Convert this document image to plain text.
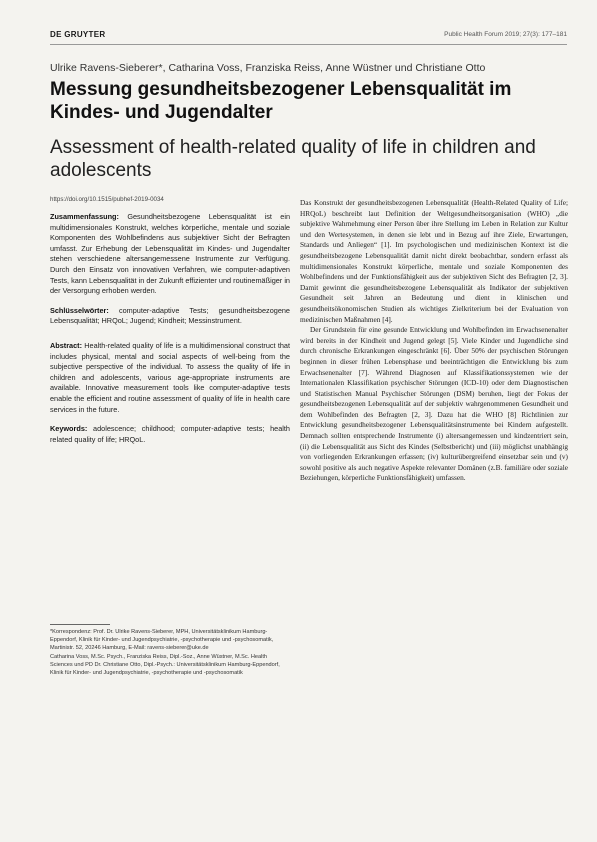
DE GRUYTER	Public Health Forum 2019; 27(3): 177–181
Ulrike Ravens-Sieberer*, Catharina Voss, Franziska Reiss, Anne Wüstner und Christiane Otto
Messung gesundheitsbezogener Lebensqualität im Kindes- und Jugendalter
Assessment of health-related quality of life in children and adolescents
https://doi.org/10.1515/pubhef-2019-0034

Zusammenfassung: Gesundheitsbezogene Lebensqualität ist ein multidimensionales Konstrukt, welches körperliche, mentale und soziale Komponenten des Wohlbefindens aus subjektiver Sicht der Befragten umfasst. Zur Erhebung der Lebensqualität im Kindes- und Jugendalter stehen verschiedene altersangemessene Instrumente zur Verfügung. Durch den Einsatz von innovativen Verfahren, wie computer-adaptiven Tests, kann Lebensqualität in der Zukunft effizienter und routinemäßiger in der Versorgung erhoben werden.

Schlüsselwörter: computer-adaptive Tests; gesundheitsbezogene Lebensqualität; HRQoL; Jugend; Kindheit; Messinstrument.

Abstract: Health-related quality of life is a multidimensional construct that includes physical, mental and social aspects of well-being from the subjective perspective of the individual. To assess the quality of life in children and adolescents, various age-appropriate instruments are available. Innovative measurement tools like computer-adaptive tests enable the efficient and routine assessment of quality of life in health care services in the future.

Keywords: adolescence; childhood; computer-adaptive tests; health related quality of life; HRQoL.

*Korrespondenz: Prof. Dr. Ulrike Ravens-Sieberer, MPH, Universitätsklinikum Hamburg-Eppendorf, Klinik für Kinder- und Jugendpsychiatrie, -psychotherapie und -psychosomatik, Martinistr. 52, 20246 Hamburg, E-Mail: ravens-sieberer@uke.de

Catharina Voss, M.Sc. Psych., Franziska Reiss, Dipl.-Soz., Anne Wüstner, M.Sc. Health Sciences und PD Dr. Christiane Otto, Dipl.-Psych.: Universitätsklinikum Hamburg-Eppendorf, Klinik für Kinder- und Jugendpsychiatrie, -psychotherapie und -psychosomatik

Das Konstrukt der gesundheitsbezogenen Lebensqualität (Health-Related Quality of Life; HRQoL) beschreibt laut Definition der Weltgesundheitsorganisation (WHO) „die subjektive Wahrnehmung einer Person über ihre Stellung im Leben in Relation zur Kultur und den Wertesystemen, in denen sie lebt und in Bezug auf ihre Ziele, Erwartungen, Standards und Anliegen“ [1]. Im psychologischen und medizinischen Kontext ist die gesundheitsbezogene Lebensqualität damit nicht direkt beobachtbar, sondern erfasst als multidimensionales Konstrukt körperliche, mentale und soziale Komponenten des Wohlbefindens und der Funktionsfähigkeit aus der subjektiven Sicht des Befragten [2, 3]. Damit gewinnt die gesundheitsbezogene Lebensqualität als Indikator der subjektiven Gesundheit seit Jahren an Bedeutung und dient in klinischen und gesundheitsökonomischen Studien als wichtiges Zielkriterium bei der Evaluation von medizinischen Maßnahmen [4].

Der Grundstein für eine gesunde Entwicklung und Wohlbefinden im Erwachsenenalter wird bereits in der Kindheit und Jugend gelegt [5]. Viele Kinder und Jugendliche sind durch chronische Erkrankungen eingeschränkt [6]. Über 50% der psychischen Störungen beginnen in dieser frühen Lebensphase und beeinträchtigen die Entwicklung bis zum Erwachsenenalter [7]. Während Diagnosen auf Klassifikationssystemen wie der Internationalen Klassifikation psychischer Störungen (ICD-10) oder dem Diagnostischen und Statistischen Manual Psychischer Störungen (DSM) beruhen, liegt der Fokus der gesundheitsbezogenen Lebensqualität auf der subjektiv wahrgenommenen Gesundheit und dem Wohlbefinden des Befragten [2, 3]. Dazu hat die WHO [8] Richtlinien zur Entwicklung gesundheitsbezogener Lebensqualitätsinstrumente bei Kindern aufgestellt. Demnach sollten entsprechende Instrumente (i) altersangemessen und kindzentriert sein, (ii) die Lebensqualität aus Sicht des Kindes (Selbstbericht) und (iii) möglichst unabhängig von vorliegenden Erkrankungen erfassen; (iv) kulturübergreifend einsetzbar sein und (v) sowohl positive als auch negative Aspekte relevanter Domänen (z.B. familiäre oder soziale Beziehungen, körperliche Funktionsfähigkeit) umfassen.
